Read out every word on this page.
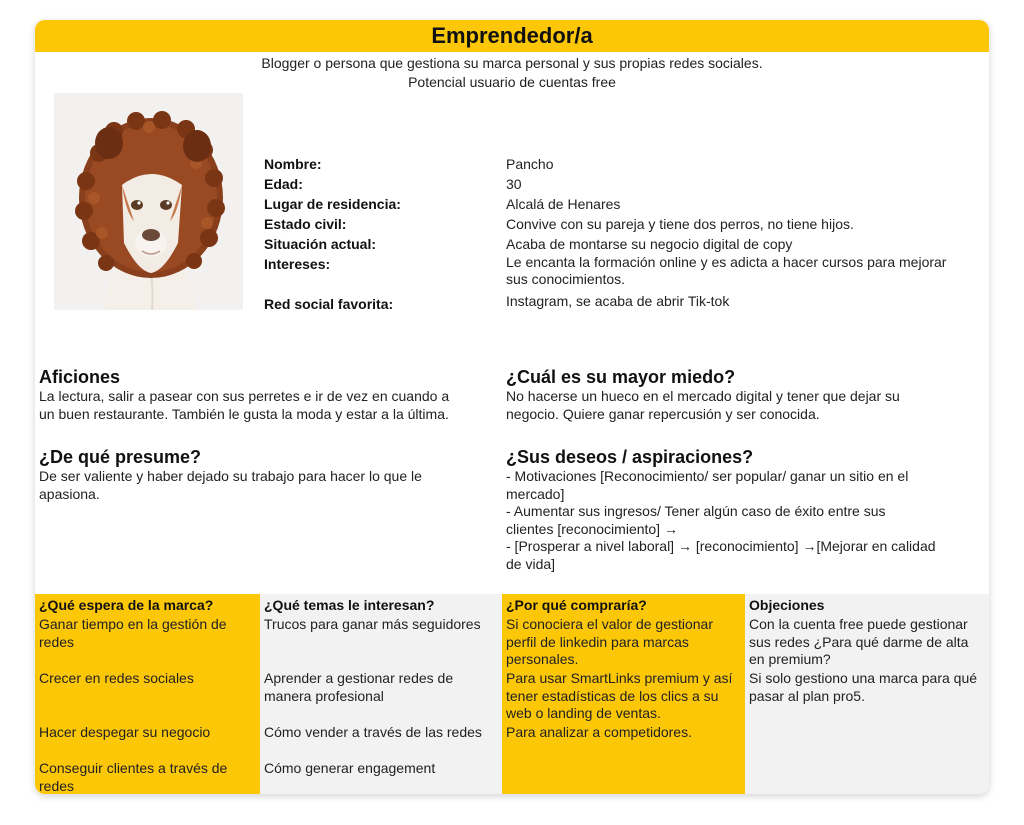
Emprendedor/a
Blogger o persona que gestiona su marca personal y sus propias redes sociales.
Potencial usuario de cuentas free
Nombre:
Edad:
Lugar de residencia:
Estado civil:
Situación actual:
Intereses:
Red social favorita:
Pancho
30
Alcalá de Henares
Convive con su pareja y tiene dos perros, no tiene hijos.
Acaba de montarse su negocio digital de copy
Le encanta la formación online y es adicta a hacer cursos para mejorar sus conocimientos.
Instagram, se acaba de abrir Tik-tok
Aficiones

La lectura, salir a pasear con sus perretes e ir de vez en cuando a
un buen restaurante. También le gusta la moda y estar a la última.

¿Cuál es su mayor miedo?

No hacerse un hueco en el mercado digital y tener que dejar su
negocio. Quiere ganar repercusión y ser conocida.

¿De qué presume?

De ser valiente y haber dejado su trabajo para hacer lo que le
apasiona.

¿Sus deseos / aspiraciones?

- Motivaciones [Reconocimiento/ ser popular/ ganar un sitio en el
mercado]
- Aumentar sus ingresos/ Tener algún caso de éxito entre sus
clientes [reconocimiento] →
- [Prosperar a nivel laboral] → [reconocimiento] →[Mejorar en calidad
de vida]

¿Qué espera de la marca?
Ganar tiempo en la gestión de redes
Crecer en redes sociales
Hacer despegar su negocio
Conseguir clientes a través de redes
¿Qué temas le interesan?
Trucos para ganar más seguidores
Aprender a gestionar redes de manera profesional
Cómo vender a través de las redes
Cómo generar engagement
¿Por qué compraría?
Si conociera el valor de gestionar perfil de linkedin para marcas personales.
Para usar SmartLinks premium y así tener estadísticas de los clics a su web o landing de ventas.
Para analizar a competidores.
Objeciones
Con la cuenta free puede gestionar sus redes ¿Para qué darme de alta en premium?
Si solo gestiono una marca para qué pasar al plan pro5.
